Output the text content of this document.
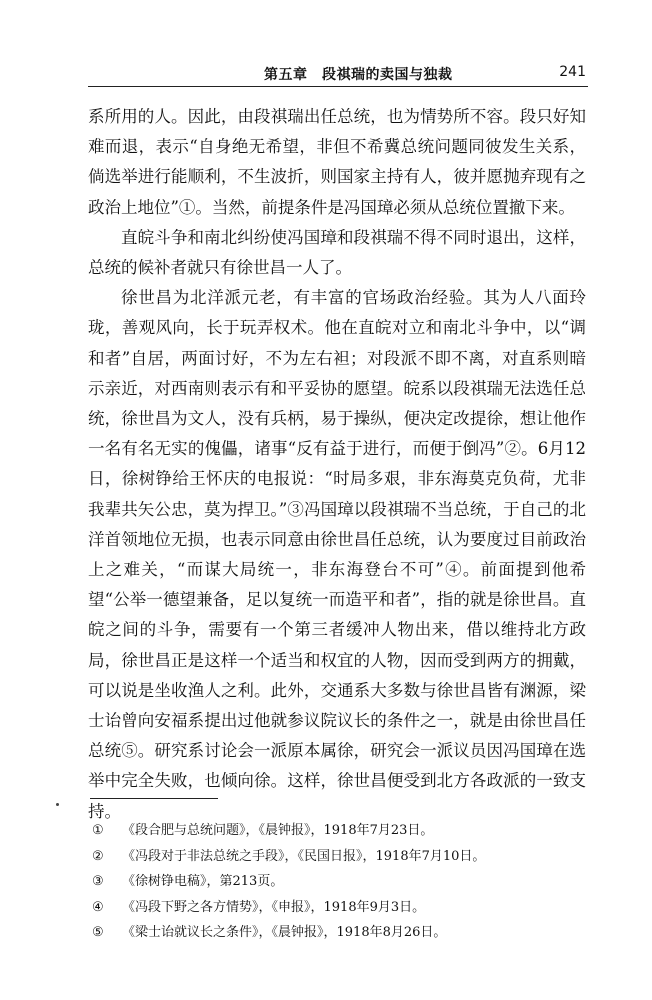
第五章　段祺瑞的卖国与独裁	241

系所用的人。因此，由段祺瑞出任总统，也为情势所不容。段只好知难而退，表示“自身绝无希望，非但不希冀总统问题同彼发生关系，倘选举进行能顺利，不生波折，则国家主持有人，彼并愿抛弃现有之政治上地位”①。当然，前提条件是冯国璋必须从总统位置撤下来。

直皖斗争和南北纠纷使冯国璋和段祺瑞不得不同时退出，这样，总统的候补者就只有徐世昌一人了。

徐世昌为北洋派元老，有丰富的官场政治经验。其为人八面玲珑，善观风向，长于玩弄权术。他在直皖对立和南北斗争中，以“调和者”自居，两面讨好，不为左右袒；对段派不即不离，对直系则暗示亲近，对西南则表示有和平妥协的愿望。皖系以段祺瑞无法选任总统，徐世昌为文人，没有兵柄，易于操纵，便决定改提徐，想让他作一名有名无实的傀儡，诸事“反有益于进行，而便于倒冯”②。6月12日，徐树铮给王怀庆的电报说：“时局多艰，非东海莫克负荷，尤非我辈共矢公忠，莫为捍卫。”③冯国璋以段祺瑞不当总统，于自己的北洋首领地位无损，也表示同意由徐世昌任总统，认为要度过目前政治上之难关，“而谋大局统一，非东海登台不可”④。前面提到他希望“公举一德望兼备，足以复统一而造平和者”，指的就是徐世昌。直皖之间的斗争，需要有一个第三者缓冲人物出来，借以维持北方政局，徐世昌正是这样一个适当和权宜的人物，因而受到两方的拥戴，可以说是坐收渔人之利。此外，交通系大多数与徐世昌皆有渊源，梁士诒曾向安福系提出过他就参议院议长的条件之一，就是由徐世昌任总统⑤。研究系讨论会一派原本属徐，研究会一派议员因冯国璋在选举中完全失败，也倾向徐。这样，徐世昌便受到北方各政派的一致支持。

①	《段合肥与总统问题》，《晨钟报》，1918年7月23日。
②	《冯段对于非法总统之手段》，《民国日报》，1918年7月10日。
③	《徐树铮电稿》，第213页。
④	《冯段下野之各方情势》，《申报》，1918年9月3日。
⑤	《梁士诒就议长之条件》，《晨钟报》，1918年8月26日。
